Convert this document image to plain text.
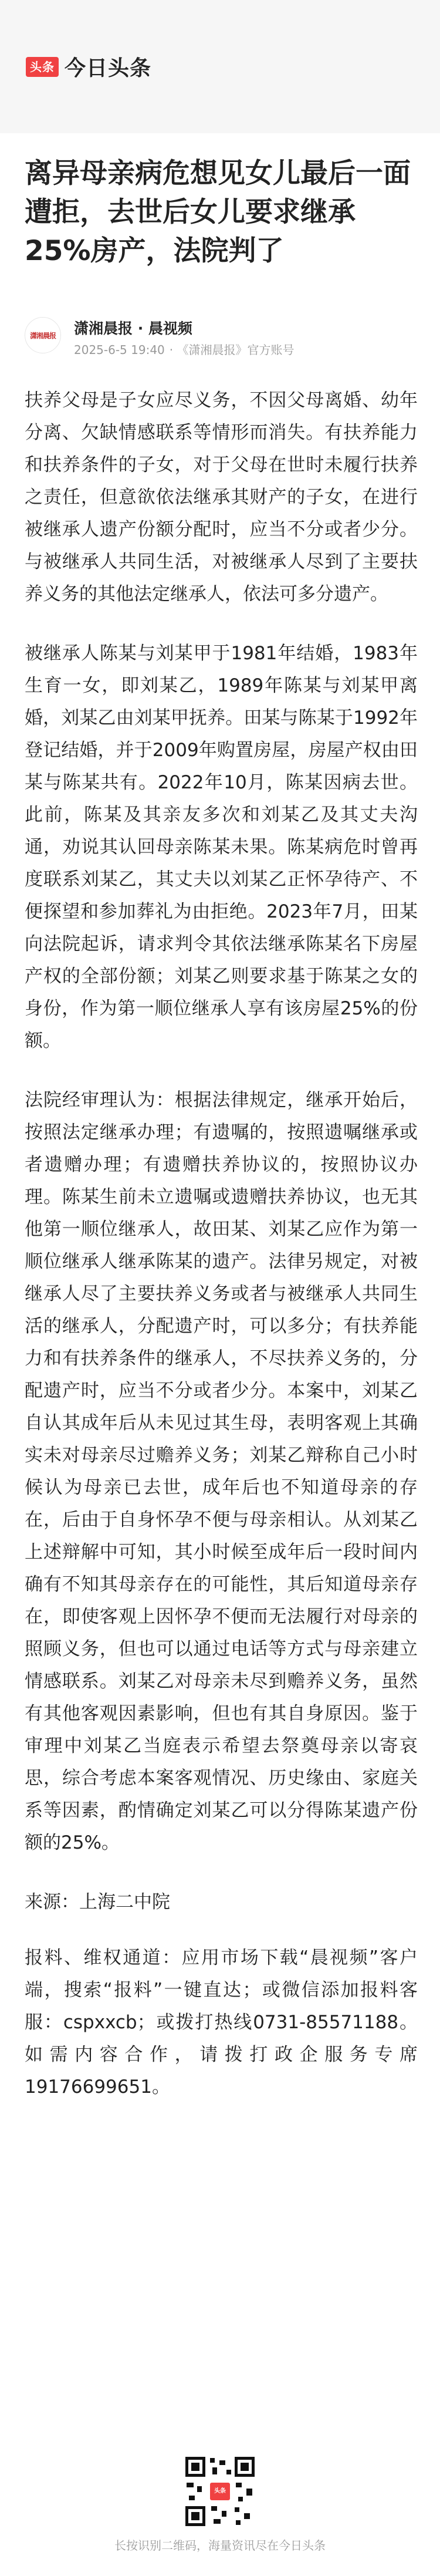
头条 今日头条
离异母亲病危想见女儿最后一面遭拒，去世后女儿要求继承25%房产，法院判了
潇湘晨报 潇湘晨报 · 晨视频
2025-6-5 19:40 · 《潇湘晨报》官方账号

扶养父母是子女应尽义务，不因父母离婚、幼年分离、欠缺情感联系等情形而消失。有扶养能力和扶养条件的子女，对于父母在世时未履行扶养之责任，但意欲依法继承其财产的子女，在进行被继承人遗产份额分配时，应当不分或者少分。与被继承人共同生活，对被继承人尽到了主要扶养义务的其他法定继承人，依法可多分遗产。

被继承人陈某与刘某甲于1981年结婚，1983年生育一女，即刘某乙，1989年陈某与刘某甲离婚，刘某乙由刘某甲抚养。田某与陈某于1992年登记结婚，并于2009年购置房屋，房屋产权由田某与陈某共有。2022年10月，陈某因病去世。此前，陈某及其亲友多次和刘某乙及其丈夫沟通，劝说其认回母亲陈某未果。陈某病危时曾再度联系刘某乙，其丈夫以刘某乙正怀孕待产、不便探望和参加葬礼为由拒绝。2023年7月，田某向法院起诉，请求判令其依法继承陈某名下房屋产权的全部份额；刘某乙则要求基于陈某之女的身份，作为第一顺位继承人享有该房屋25%的份额。

法院经审理认为：根据法律规定，继承开始后，按照法定继承办理；有遗嘱的，按照遗嘱继承或者遗赠办理；有遗赠扶养协议的，按照协议办理。陈某生前未立遗嘱或遗赠扶养协议，也无其他第一顺位继承人，故田某、刘某乙应作为第一顺位继承人继承陈某的遗产。法律另规定，对被继承人尽了主要扶养义务或者与被继承人共同生活的继承人，分配遗产时，可以多分；有扶养能力和有扶养条件的继承人，不尽扶养义务的，分配遗产时，应当不分或者少分。本案中，刘某乙自认其成年后从未见过其生母，表明客观上其确实未对母亲尽过赡养义务；刘某乙辩称自己小时候认为母亲已去世，成年后也不知道母亲的存在，后由于自身怀孕不便与母亲相认。从刘某乙上述辩解中可知，其小时候至成年后一段时间内确有不知其母亲存在的可能性，其后知道母亲存在，即使客观上因怀孕不便而无法履行对母亲的照顾义务，但也可以通过电话等方式与母亲建立情感联系。刘某乙对母亲未尽到赡养义务，虽然有其他客观因素影响，但也有其自身原因。鉴于审理中刘某乙当庭表示希望去祭奠母亲以寄哀思，综合考虑本案客观情况、历史缘由、家庭关系等因素，酌情确定刘某乙可以分得陈某遗产份额的25%。

来源：上海二中院

报料、维权通道：应用市场下载“晨视频”客户端，搜索“报料”一键直达；或微信添加报料客服：cspxxcb；或拨打热线0731-85571188。如需内容合作，请拨打政企服务专席19176699651。

头条
长按识别二维码，海量资讯尽在今日头条
